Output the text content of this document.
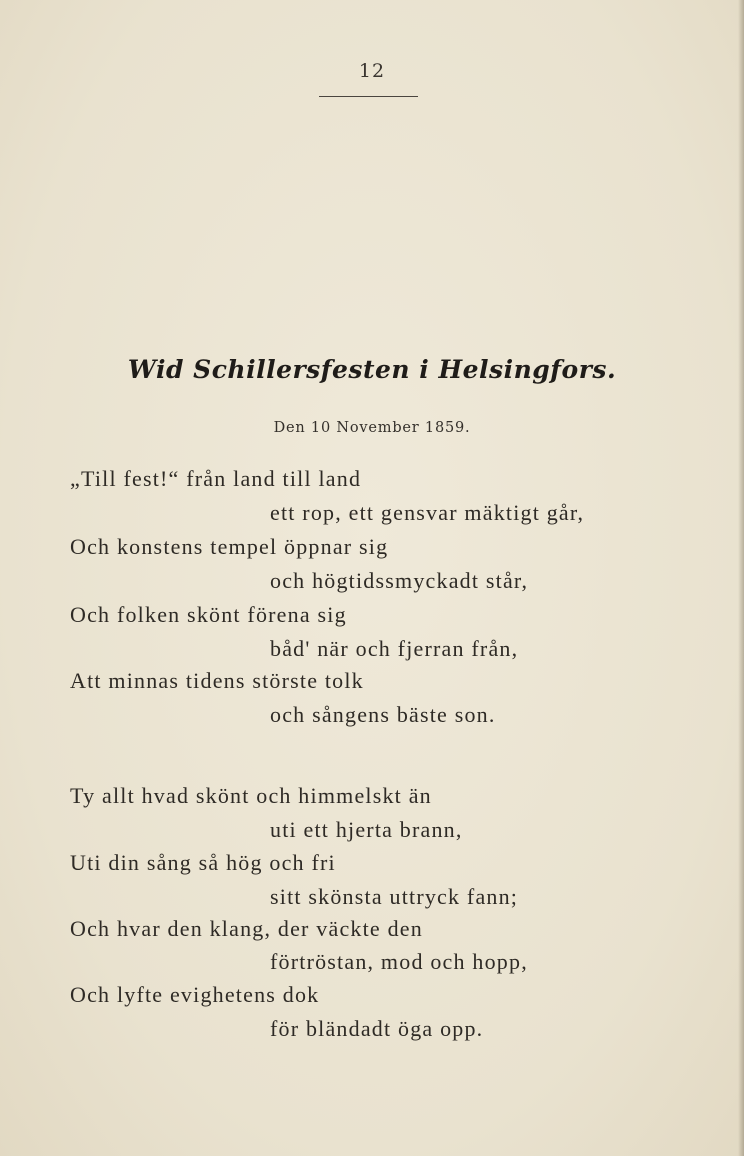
12
Wid Schillersfesten i Helsingfors.
Den 10 November 1859.
„Till fest!“ från land till land
ett rop, ett gensvar mäktigt går,
Och konstens tempel öppnar sig
och högtidssmyckadt står,
Och folken skönt förena sig
båd' när och fjerran från,
Att minnas tidens störste tolk
och sångens bäste son.
Ty allt hvad skönt och himmelskt än
uti ett hjerta brann,
Uti din sång så hög och fri
sitt skönsta uttryck fann;
Och hvar den klang, der väckte den
förtröstan, mod och hopp,
Och lyfte evighetens dok
för bländadt öga opp.
